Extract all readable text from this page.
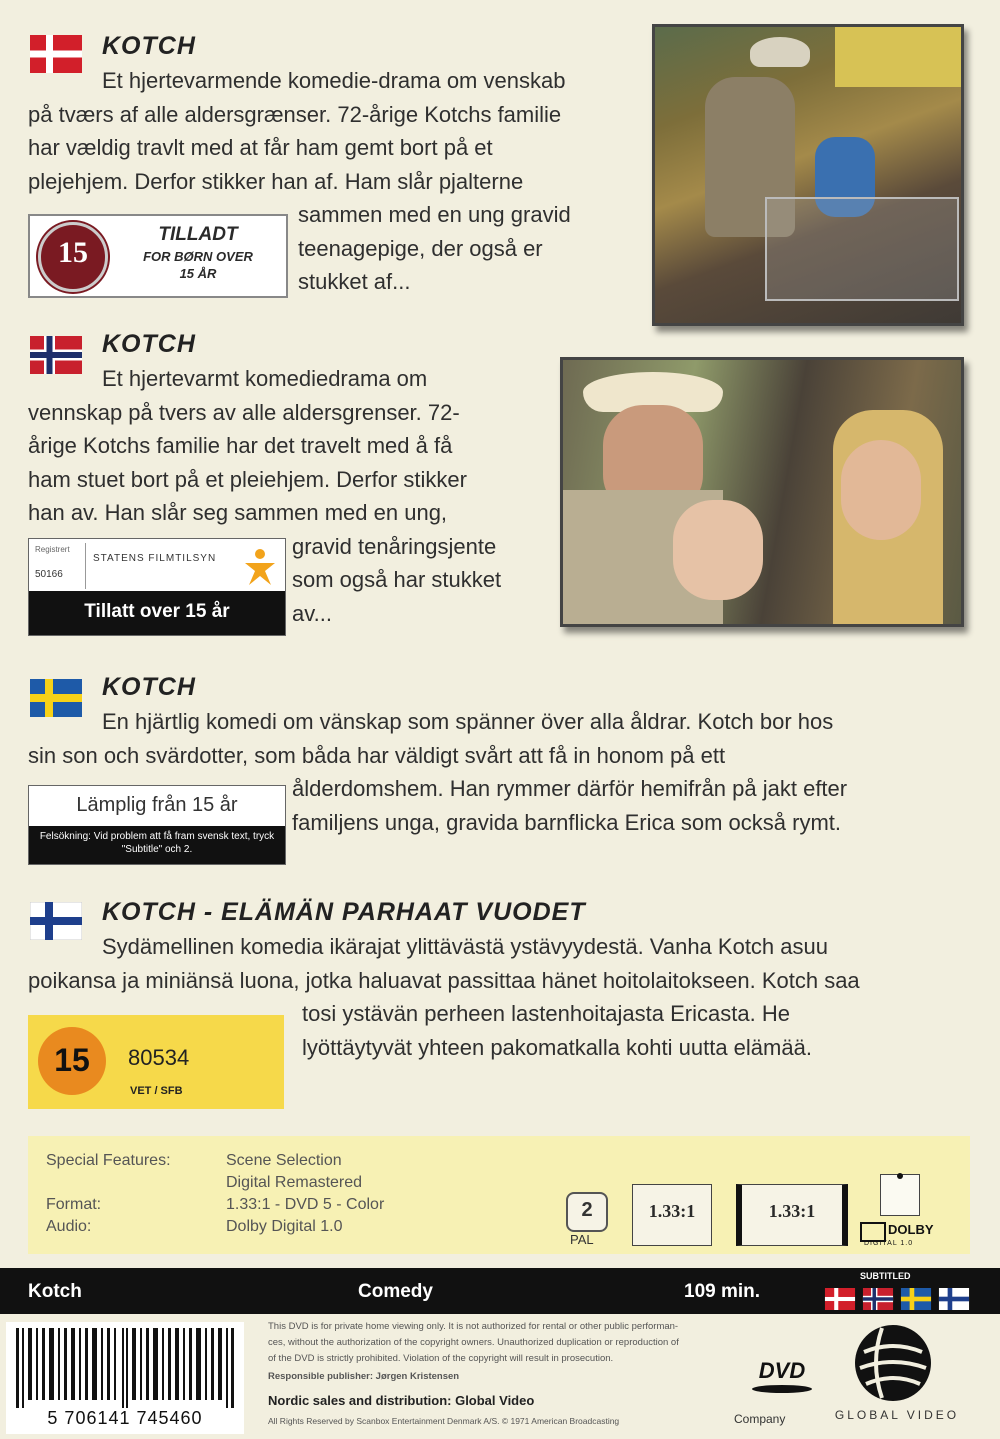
KOTCH
Et hjertevarmende komedie-drama om venskab
på tværs af alle aldersgrænser. 72-årige Kotchs familie
har vældig travlt med at får ham gemt bort på et
plejehjem. Derfor stikker han af. Ham slår pjalterne
sammen med en ung gravid
teenagepige, der også er
stukket af...
15
TILLADT
FOR BØRN OVER
15 ÅR
KOTCH
Et hjertevarmt komediedrama om
vennskap på tvers av alle aldersgrenser. 72-
årige Kotchs familie har det travelt med å få
ham stuet bort på et pleiehjem. Derfor stikker
han av. Han slår seg sammen med en ung,
gravid tenåringsjente
som også har stukket
av...
Registrert
50166
STATENS FILMTILSYN
Tillatt over 15 år
KOTCH
En hjärtlig komedi om vänskap som spänner över alla åldrar. Kotch bor hos
sin son och svärdotter, som båda har väldigt svårt att få in honom på ett
ålderdomshem. Han rymmer därför hemifrån på jakt efter
familjens unga, gravida barnflicka Erica som också rymt.
Lämplig från 15 år
Felsökning: Vid problem att få fram svensk text, tryck "Subtitle" och 2.
KOTCH - ELÄMÄN PARHAAT VUODET
Sydämellinen komedia ikärajat ylittävästä ystävyydestä. Vanha Kotch asuu
poikansa ja miniänsä luona, jotka haluavat passittaa hänet hoitolaitokseen. Kotch saa
tosi ystävän perheen lastenhoitajasta Ericasta. He
lyöttäytyvät yhteen pakomatkalla kohti uutta elämää.
15	80534
VET / SFB
Special Features:	Scene Selection
Digital Remastered
Format:	1.33:1 - DVD 5 - Color
Audio:	Dolby Digital 1.0
2
PAL
1.33:1	1.33:1
DOLBY
DIGITAL 1.0
Kotch	Comedy	109 min.
SUBTITLED
5 706141 745460
This DVD is for private home viewing only. It is not authorized for rental or other public performan-
ces, without the authorization of the copyright owners. Unauthorized duplication or reproduction of
of the DVD is strictly prohibited. Violation of the copyright will result in prosecution.
Responsible publisher: Jørgen Kristensen
Nordic sales and distribution: Global Video
All Rights Reserved by Scanbox Entertainment Denmark A/S. © 1971 American Broadcasting	Company
DVD
GLOBAL VIDEO
